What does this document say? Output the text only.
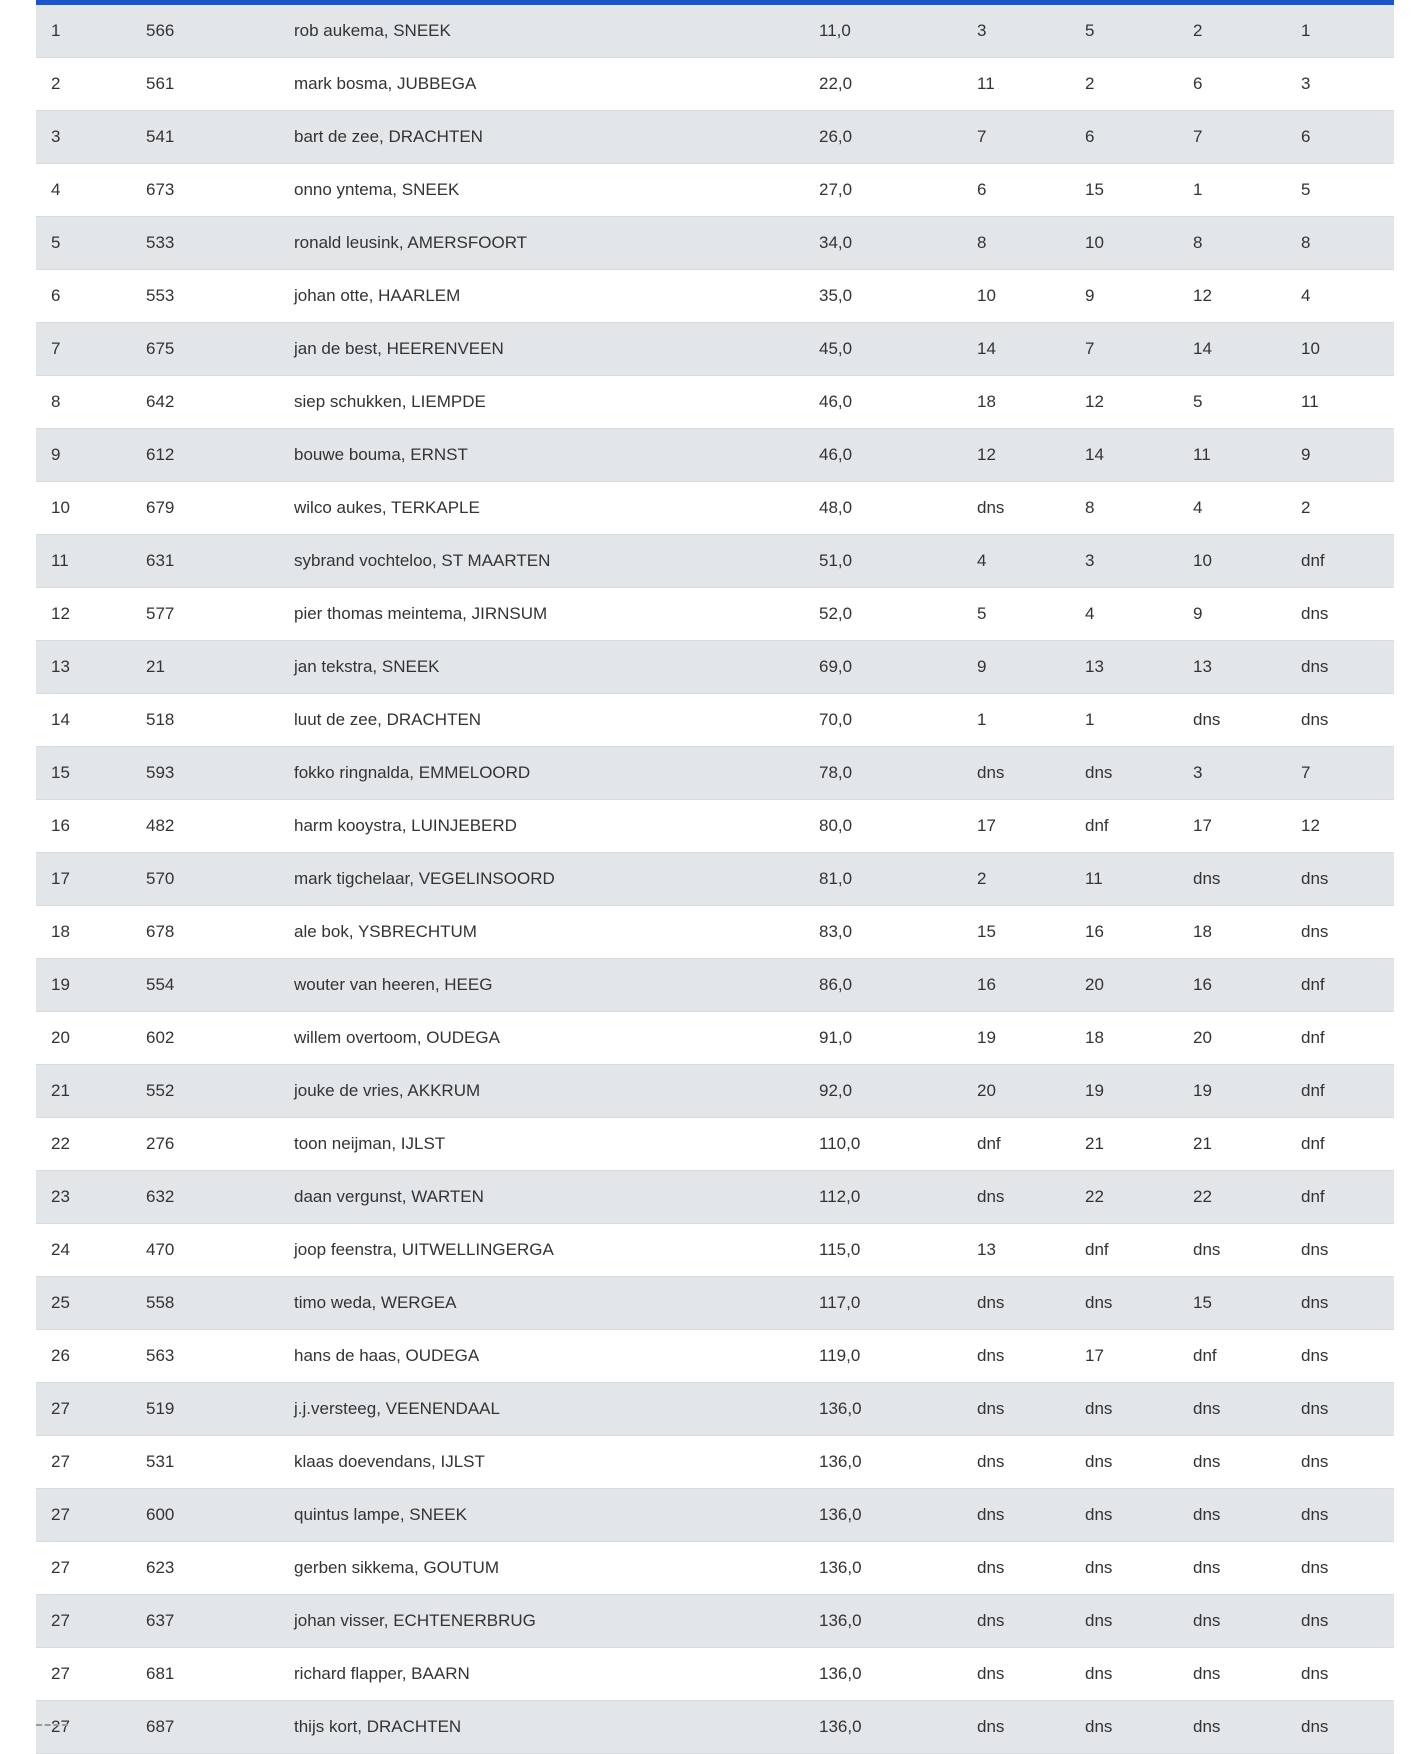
1	566	rob aukema, SNEEK	11,0	3	5	2	1
2	561	mark bosma, JUBBEGA	22,0	11	2	6	3
3	541	bart de zee, DRACHTEN	26,0	7	6	7	6
4	673	onno yntema, SNEEK	27,0	6	15	1	5
5	533	ronald leusink, AMERSFOORT	34,0	8	10	8	8
6	553	johan otte, HAARLEM	35,0	10	9	12	4
7	675	jan de best, HEERENVEEN	45,0	14	7	14	10
8	642	siep schukken, LIEMPDE	46,0	18	12	5	11
9	612	bouwe bouma, ERNST	46,0	12	14	11	9
10	679	wilco aukes, TERKAPLE	48,0	dns	8	4	2
11	631	sybrand vochteloo, ST MAARTEN	51,0	4	3	10	dnf
12	577	pier thomas meintema, JIRNSUM	52,0	5	4	9	dns
13	21	jan tekstra, SNEEK	69,0	9	13	13	dns
14	518	luut de zee, DRACHTEN	70,0	1	1	dns	dns
15	593	fokko ringnalda, EMMELOORD	78,0	dns	dns	3	7
16	482	harm kooystra, LUINJEBERD	80,0	17	dnf	17	12
17	570	mark tigchelaar, VEGELINSOORD	81,0	2	11	dns	dns
18	678	ale bok, YSBRECHTUM	83,0	15	16	18	dns
19	554	wouter van heeren, HEEG	86,0	16	20	16	dnf
20	602	willem overtoom, OUDEGA	91,0	19	18	20	dnf
21	552	jouke de vries, AKKRUM	92,0	20	19	19	dnf
22	276	toon neijman, IJLST	110,0	dnf	21	21	dnf
23	632	daan vergunst, WARTEN	112,0	dns	22	22	dnf
24	470	joop feenstra, UITWELLINGERGA	115,0	13	dnf	dns	dns
25	558	timo weda, WERGEA	117,0	dns	dns	15	dns
26	563	hans de haas, OUDEGA	119,0	dns	17	dnf	dns
27	519	j.j.versteeg, VEENENDAAL	136,0	dns	dns	dns	dns
27	531	klaas doevendans, IJLST	136,0	dns	dns	dns	dns
27	600	quintus lampe, SNEEK	136,0	dns	dns	dns	dns
27	623	gerben sikkema, GOUTUM	136,0	dns	dns	dns	dns
27	637	johan visser, ECHTENERBRUG	136,0	dns	dns	dns	dns
27	681	richard flapper, BAARN	136,0	dns	dns	dns	dns
27	687	thijs kort, DRACHTEN	136,0	dns	dns	dns	dns
